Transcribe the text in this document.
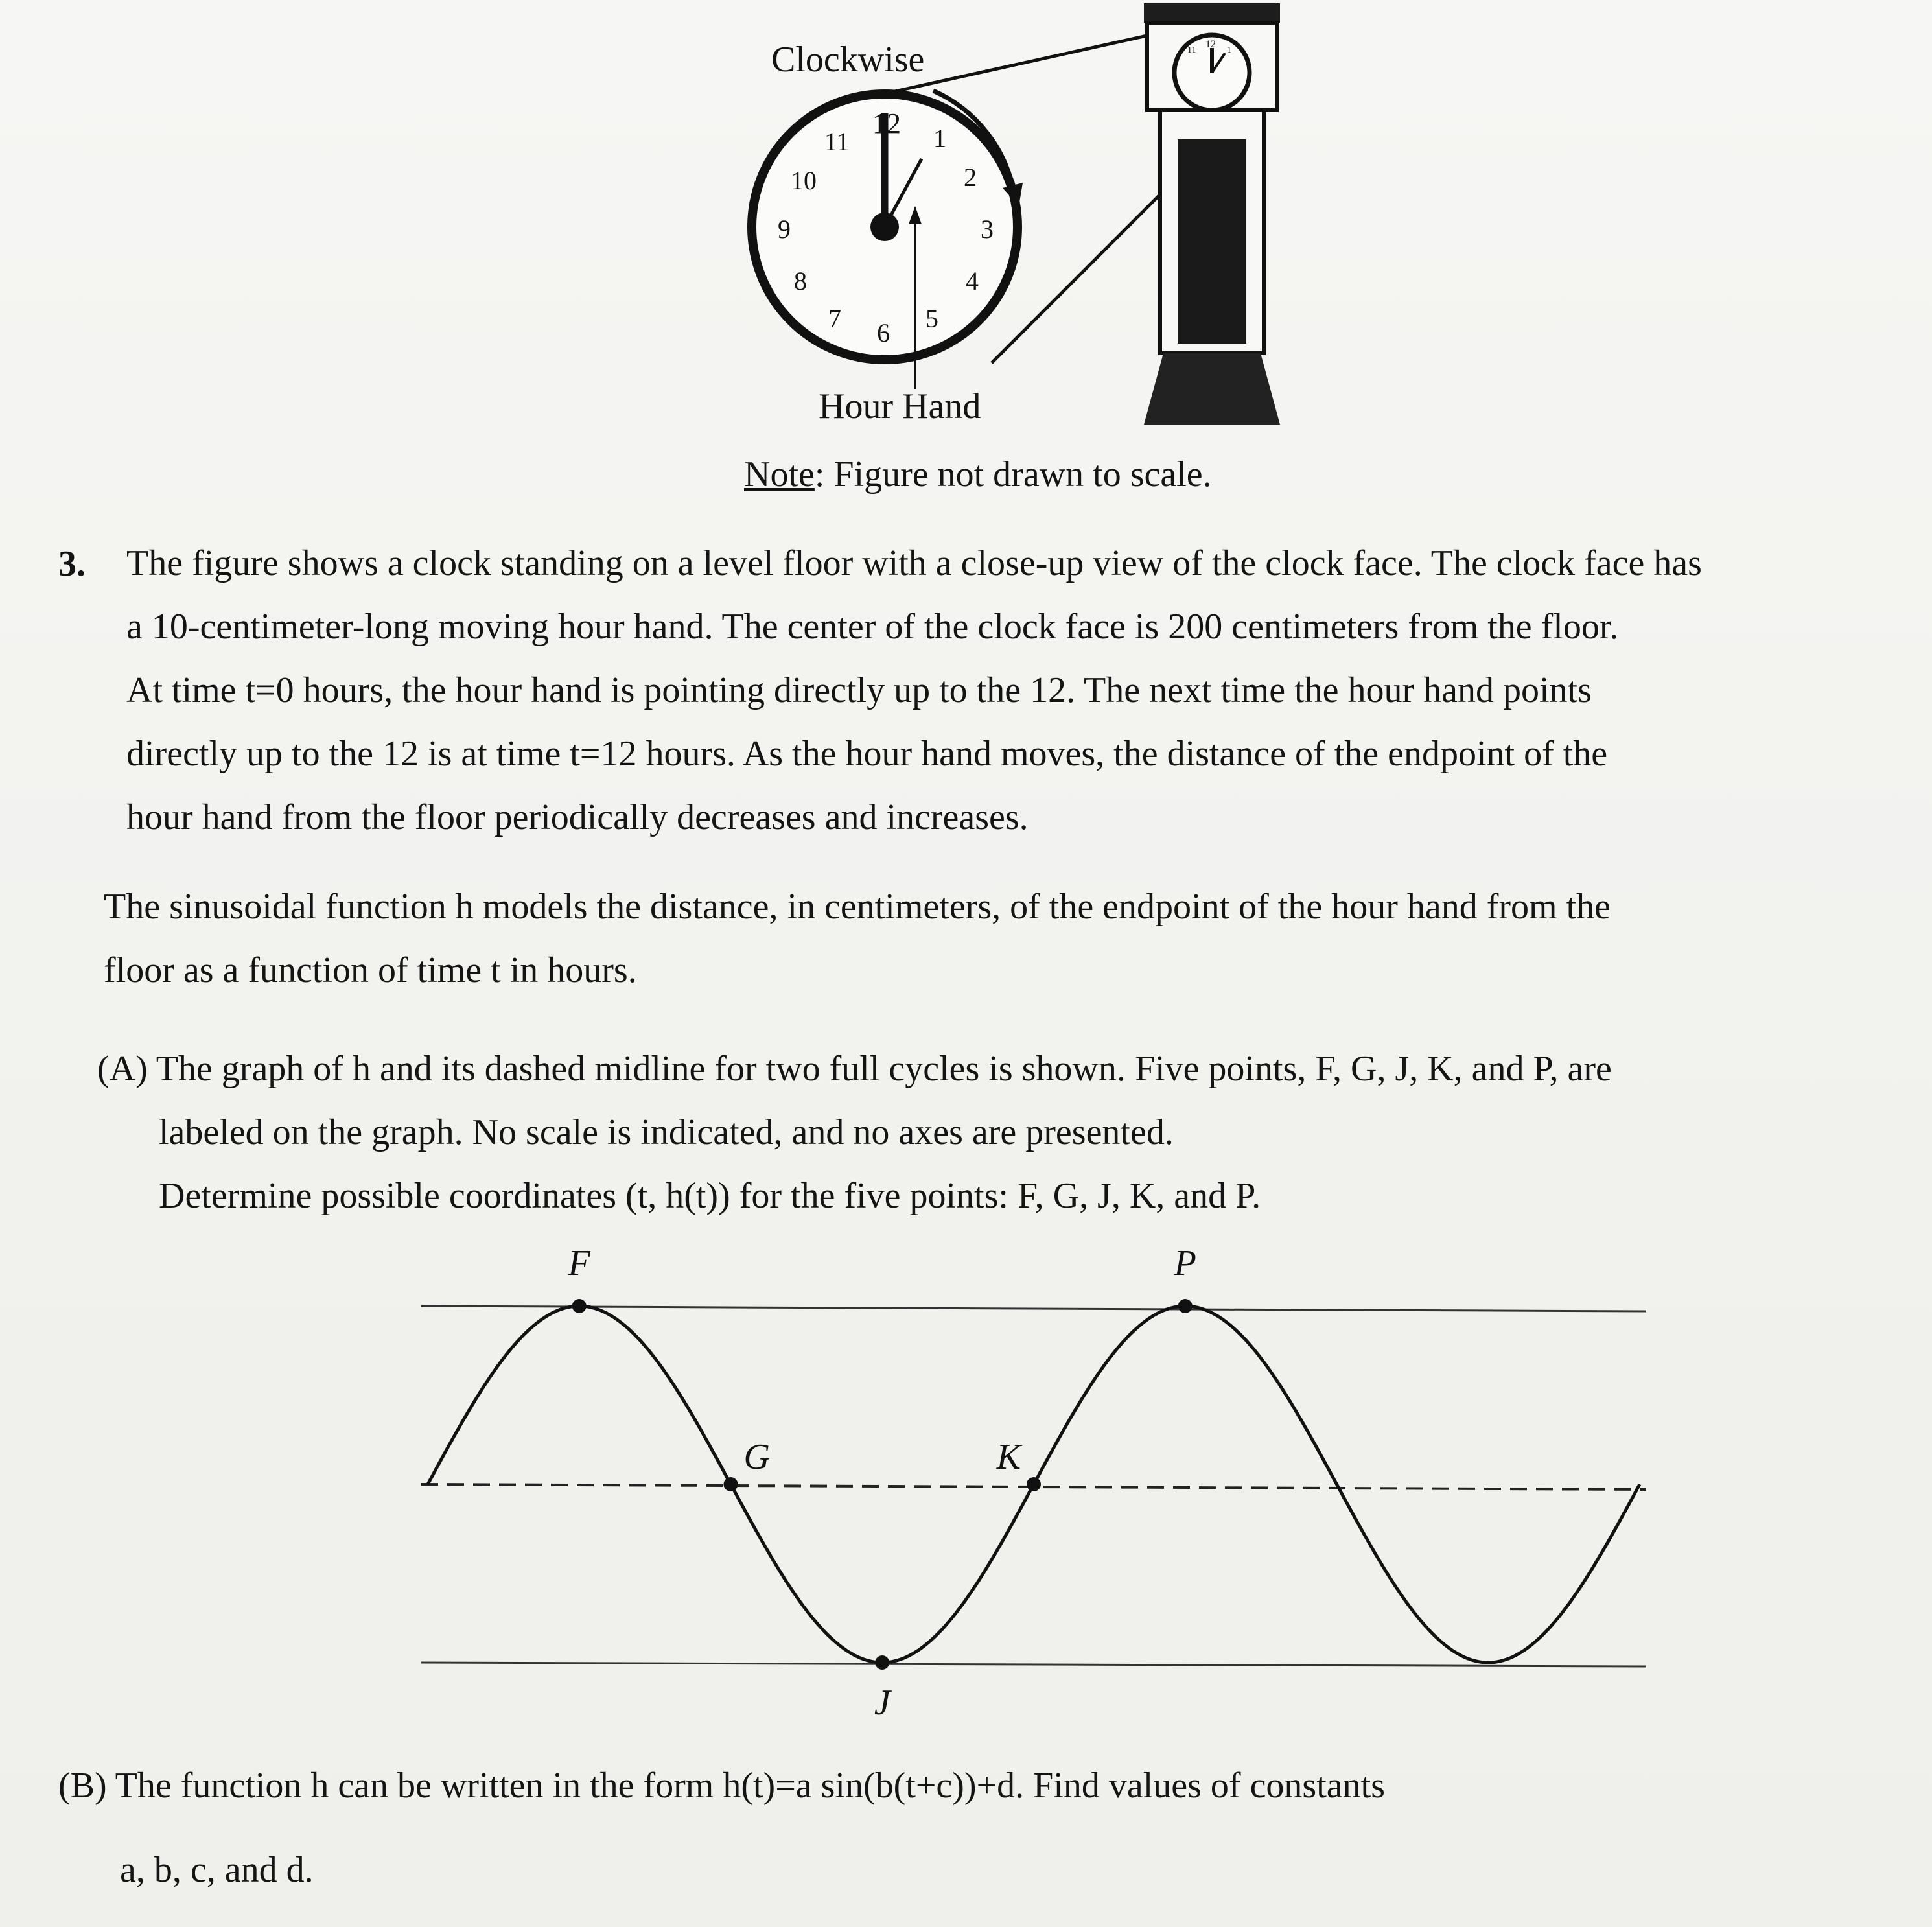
12 1
2
3
4
5
6
7
8
9
10
11
12
11	1
Clockwise
Hour Hand
Note: Figure not drawn to scale.
3. The figure shows a clock standing on a level floor with a close-up view of the clock face. The clock face has

a 10-centimeter-long moving hour hand. The center of the clock face is 200 centimeters from the floor.

At time t=0 hours, the hour hand is pointing directly up to the 12. The next time the hour hand points

directly up to the 12 is at time t=12 hours. As the hour hand moves, the distance of the endpoint of the

hour hand from the floor periodically decreases and increases.

The sinusoidal function h models the distance, in centimeters, of the endpoint of the hour hand from the

floor as a function of time t in hours.

(A) The graph of h and its dashed midline for two full cycles is shown. Five points, F, G, J, K, and P, are

labeled on the graph. No scale is indicated, and no axes are presented.

Determine possible coordinates (t, h(t)) for the five points: F, G, J, K, and P.

F
G
J
K
P

(B) The function h can be written in the form h(t)=a sin(b(t+c))+d. Find values of constants

a, b, c, and d.
